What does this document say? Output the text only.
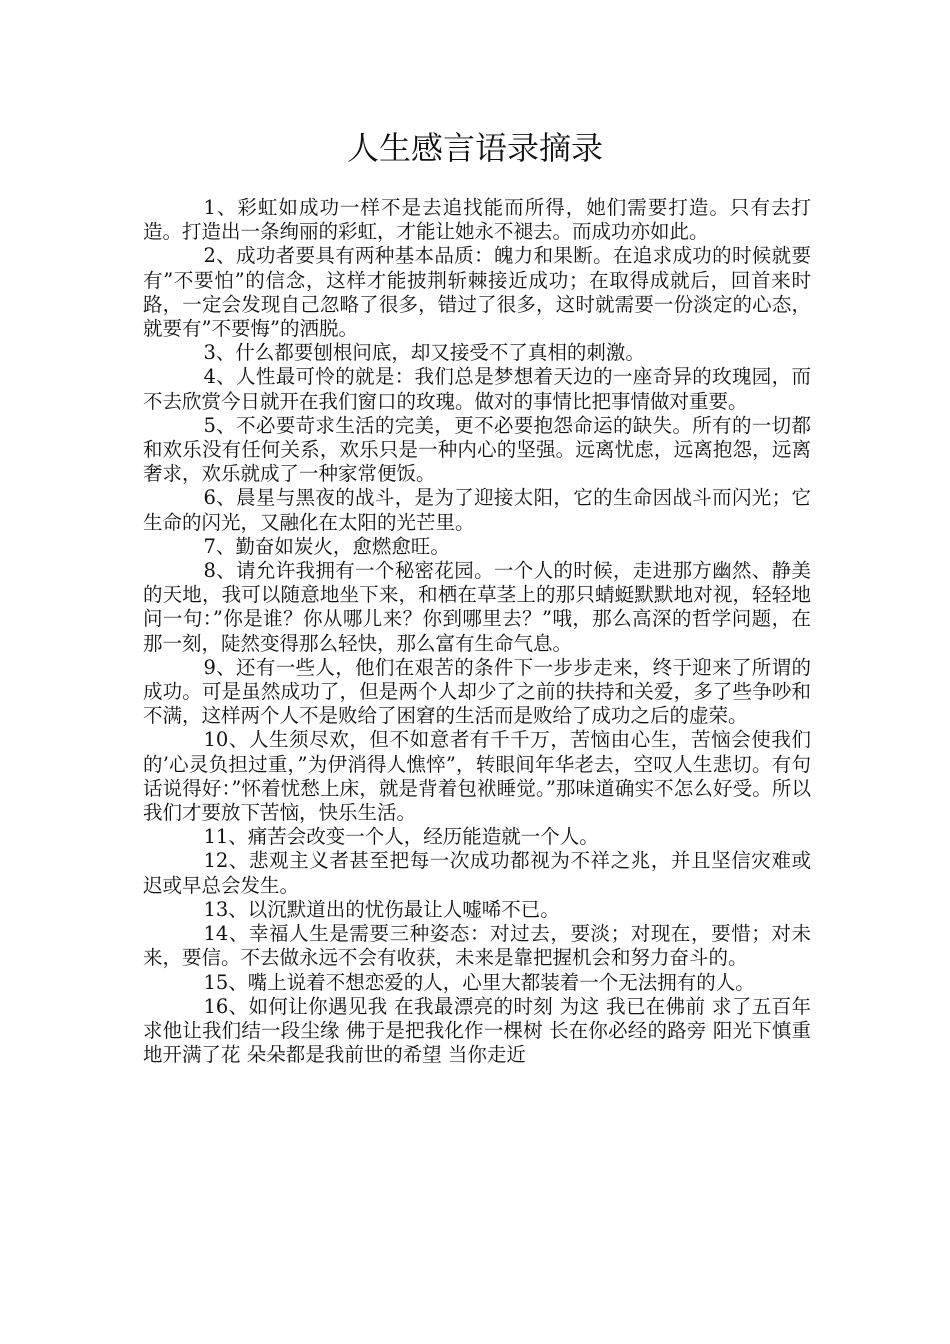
人生感言语录摘录

1、彩虹如成功一样不是去追找能而所得，她们需要打造。只有去打造。打造出一条绚丽的彩虹，才能让她永不褪去。而成功亦如此。

2、成功者要具有两种基本品质：魄力和果断。在追求成功的时候就要有”不要怕”的信念，这样才能披荆斩棘接近成功；在取得成就后，回首来时路，一定会发现自己忽略了很多，错过了很多，这时就需要一份淡定的心态，就要有”不要悔”的洒脱。

3、什么都要刨根问底，却又接受不了真相的刺激。

4、人性最可怜的就是：我们总是梦想着天边的一座奇异的玫瑰园，而不去欣赏今日就开在我们窗口的玫瑰。做对的事情比把事情做对重要。

5、不必要苛求生活的完美，更不必要抱怨命运的缺失。所有的一切都和欢乐没有任何关系，欢乐只是一种内心的坚强。远离忧虑，远离抱怨，远离奢求，欢乐就成了一种家常便饭。

6、晨星与黑夜的战斗，是为了迎接太阳，它的生命因战斗而闪光；它生命的闪光，又融化在太阳的光芒里。

7、勤奋如炭火，愈燃愈旺。

8、请允许我拥有一个秘密花园。一个人的时候，走进那方幽然、静美的天地，我可以随意地坐下来，和栖在草茎上的那只蜻蜓默默地对视，轻轻地问一句：”你是谁？你从哪儿来？你到哪里去？”哦，那么高深的哲学问题，在那一刻，陡然变得那么轻快，那么富有生命气息。

9、还有一些人，他们在艰苦的条件下一步步走来，终于迎来了所谓的成功。可是虽然成功了，但是两个人却少了之前的扶持和关爱，多了些争吵和不满，这样两个人不是败给了困窘的生活而是败给了成功之后的虚荣。

10、人生须尽欢，但不如意者有千千万，苦恼由心生，苦恼会使我们的’心灵负担过重，”为伊消得人憔悴”，转眼间年华老去，空叹人生悲切。有句话说得好：”怀着忧愁上床，就是背着包袱睡觉。”那味道确实不怎么好受。所以我们才要放下苦恼，快乐生活。

11、痛苦会改变一个人，经历能造就一个人。

12、悲观主义者甚至把每一次成功都视为不祥之兆，并且坚信灾难或迟或早总会发生。

13、以沉默道出的忧伤最让人嘘唏不已。

14、幸福人生是需要三种姿态：对过去，要淡；对现在，要惜；对未来，要信。不去做永远不会有收获，未来是靠把握机会和努力奋斗的。

15、嘴上说着不想恋爱的人，心里大都装着一个无法拥有的人。

16、如何让你遇见我 在我最漂亮的时刻 为这 我已在佛前 求了五百年 求他让我们结一段尘缘 佛于是把我化作一棵树 长在你必经的路旁 阳光下慎重地开满了花 朵朵都是我前世的希望 当你走近
